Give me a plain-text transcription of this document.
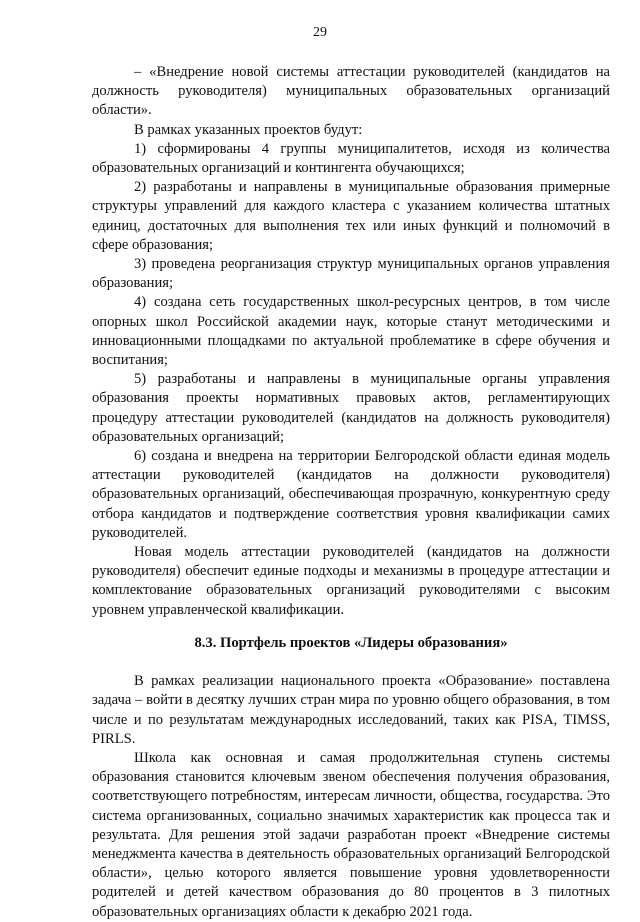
29

– «Внедрение новой системы аттестации руководителей (кандидатов на должность руководителя) муниципальных образовательных организаций области».

В рамках указанных проектов будут:

1) сформированы 4 группы муниципалитетов, исходя из количества образовательных организаций и контингента обучающихся;

2) разработаны и направлены в муниципальные образования примерные структуры управлений для каждого кластера с указанием количества штатных единиц, достаточных для выполнения тех или иных функций и полномочий в сфере образования;

3) проведена реорганизация структур муниципальных органов управления образования;

4) создана сеть государственных школ-ресурсных центров, в том числе опорных школ Российской академии наук, которые станут методическими и инновационными площадками по актуальной проблематике в сфере обучения и воспитания;

5) разработаны и направлены в муниципальные органы управления образования проекты нормативных правовых актов, регламентирующих процедуру аттестации руководителей (кандидатов на должность руководителя) образовательных организаций;

6) создана и внедрена на территории Белгородской области единая модель аттестации руководителей (кандидатов на должности руководителя) образовательных организаций, обеспечивающая прозрачную, конкурентную среду отбора кандидатов и подтверждение соответствия уровня квалификации самих руководителей.

Новая модель аттестации руководителей (кандидатов на должности руководителя) обеспечит единые подходы и механизмы в процедуре аттестации и комплектование образовательных организаций руководителями с высоким уровнем управленческой квалификации.

8.3. Портфель проектов «Лидеры образования»

В рамках реализации национального проекта «Образование» поставлена задача – войти в десятку лучших стран мира по уровню общего образования, в том числе и по результатам международных исследований, таких как PISA, TIMSS, PIRLS.

Школа как основная и самая продолжительная ступень системы образования становится ключевым звеном обеспечения получения образования, соответствующего потребностям, интересам личности, общества, государства. Это система организованных, социально значимых характеристик как процесса так и результата. Для решения этой задачи разработан проект «Внедрение системы менеджмента качества в деятельность образовательных организаций Белгородской области», целью которого является повышение уровня удовлетворенности родителей и детей качеством образования до 80 процентов в 3 пилотных образовательных организациях области к декабрю 2021 года.
